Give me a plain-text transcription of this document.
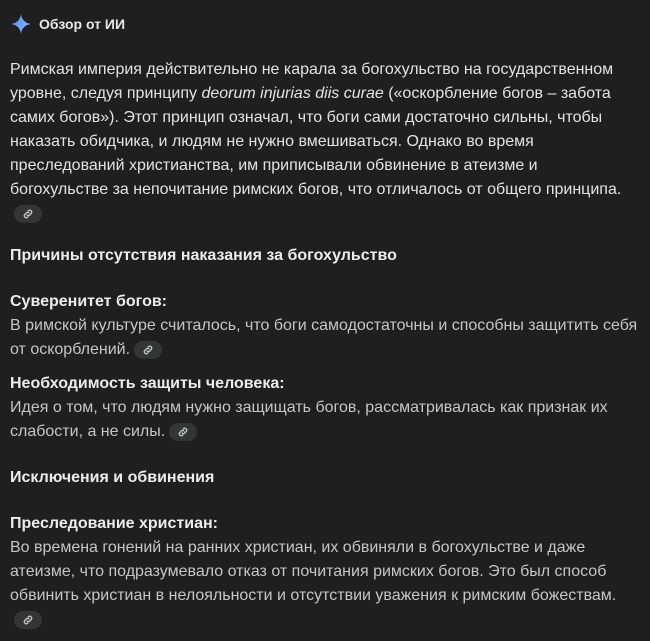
Обзор от ИИ

Римская империя действительно не карала за богохульство на государственном уровне, следуя принципу deorum injurias diis curae («оскорбление богов – забота самих богов»). Этот принцип означал, что боги сами достаточно сильны, чтобы наказать обидчика, и людям не нужно вмешиваться. Однако во время преследований христианства, им приписывали обвинение в атеизме и богохульстве за непочитание римских богов, что отличалось от общего принципа.

Причины отсутствия наказания за богохульство

Суверенитет богов:

В римской культуре считалось, что боги самодостаточны и способны защитить себя от оскорблений.

Необходимость защиты человека:

Идея о том, что людям нужно защищать богов, рассматривалась как признак их слабости, а не силы.

Исключения и обвинения

Преследование христиан:

Во времена гонений на ранних христиан, их обвиняли в богохульстве и даже атеизме, что подразумевало отказ от почитания римских богов. Это был способ обвинить христиан в нелояльности и отсутствии уважения к римским божествам.
